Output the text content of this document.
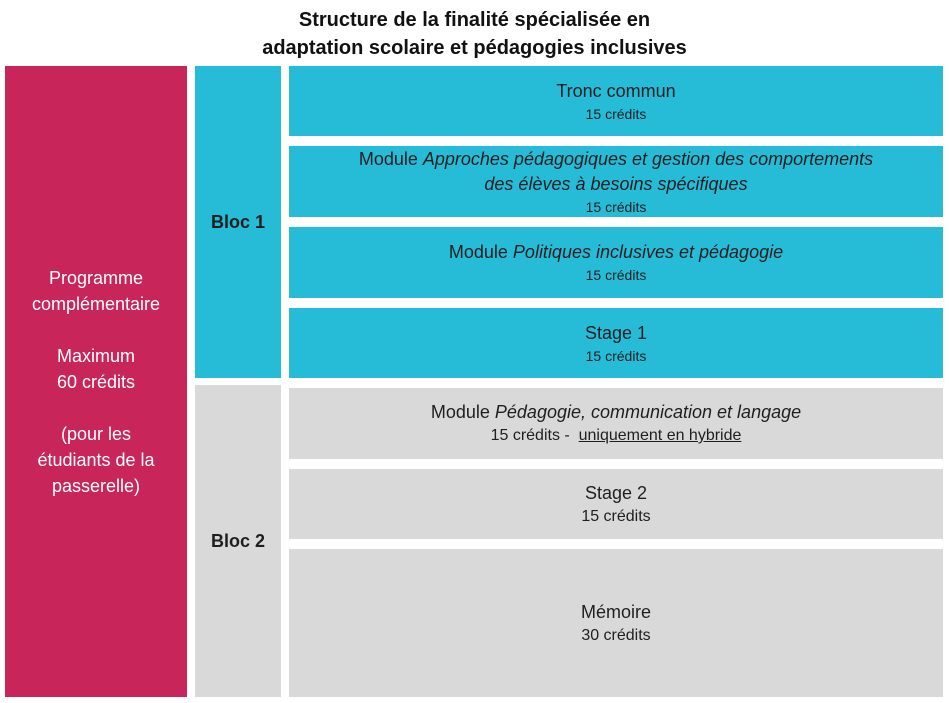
Structure de la finalité spécialisée en
adaptation scolaire et pédagogies inclusives
Programme
complémentaire
Maximum
60 crédits
(pour les
étudiants de la
passerelle)
Bloc 1
Bloc 2
Tronc commun
15 crédits
Module Approches pédagogiques et gestion des comportements
des élèves à besoins spécifiques
15 crédits
Module Politiques inclusives et pédagogie
15 crédits
Stage 1
15 crédits
Module Pédagogie, communication et langage
15 crédits -  uniquement en hybride
Stage 2
15 crédits
Mémoire
30 crédits
